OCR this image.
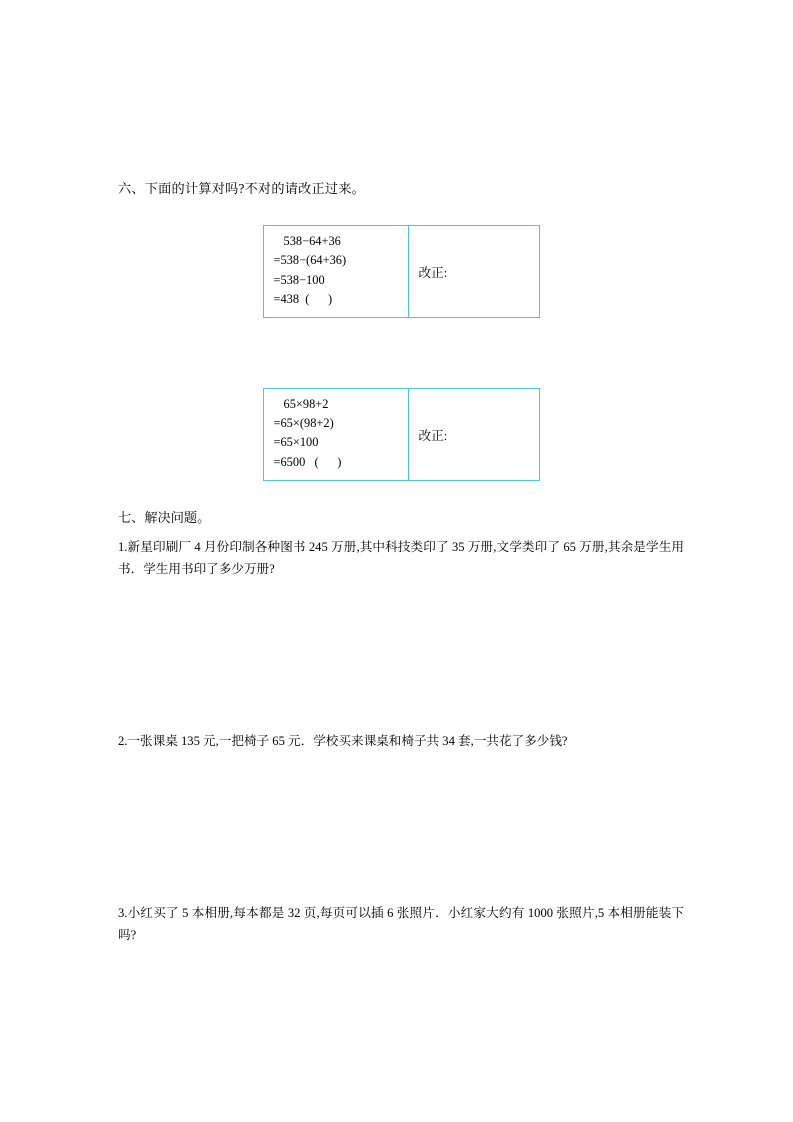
六、下面的计算对吗?不对的请改正过来。
538−64+36
=538−(64+36)
=538−100
=438  (      )
	改正:
65×98+2
=65×(98+2)
=65×100
=6500   (      )
	改正:
七、解决问题。

1.新星印刷厂 4 月份印制各种图书 245 万册,其中科技类印了 35 万册,文学类印了 65 万册,其余是学生用书．学生用书印了多少万册?

2.一张课桌 135 元,一把椅子 65 元．学校买来课桌和椅子共 34 套,一共花了多少钱?

3.小红买了 5 本相册,每本都是 32 页,每页可以插 6 张照片．小红家大约有 1000 张照片,5 本相册能装下吗?
